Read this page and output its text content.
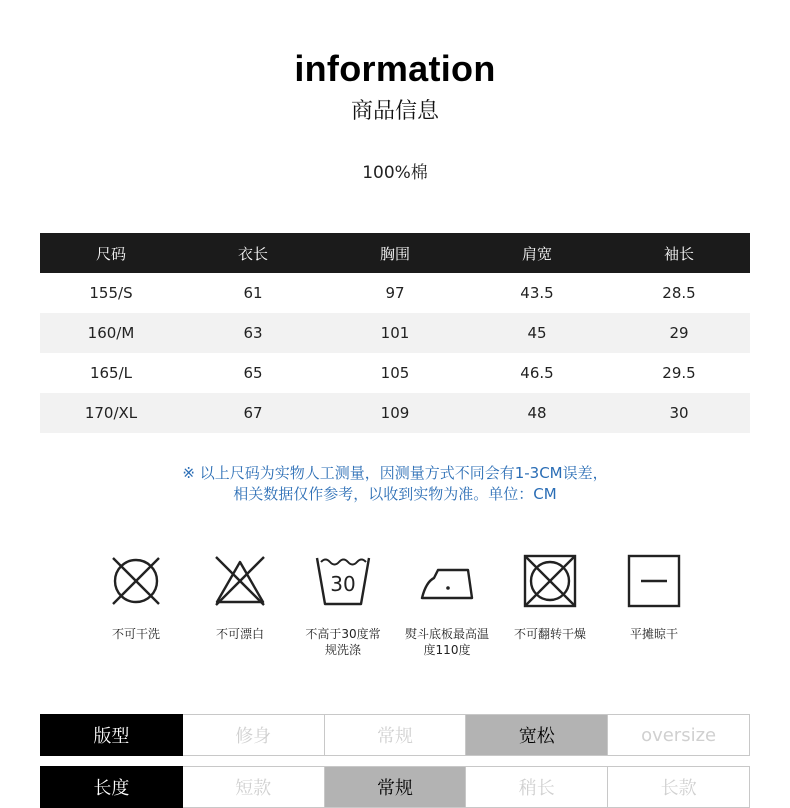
information
商品信息
100%棉
尺码	衣长	胸围	肩宽	袖长
155/S	61	97	43.5	28.5
160/M	63	101	45	29
165/L	65	105	46.5	29.5
170/XL	67	109	48	30
※ 以上尺码为实物人工测量，因测量方式不同会有1-3CM误差，
相关数据仅作参考，以收到实物为准。单位：CM
不可干洗	不可漂白
30
不高于30度常规洗涤
熨斗底板最高温度110度
不可翻转干燥	平摊晾干
版型	修身	常规	宽松	oversize
长度	短款	常规	稍长	长款
